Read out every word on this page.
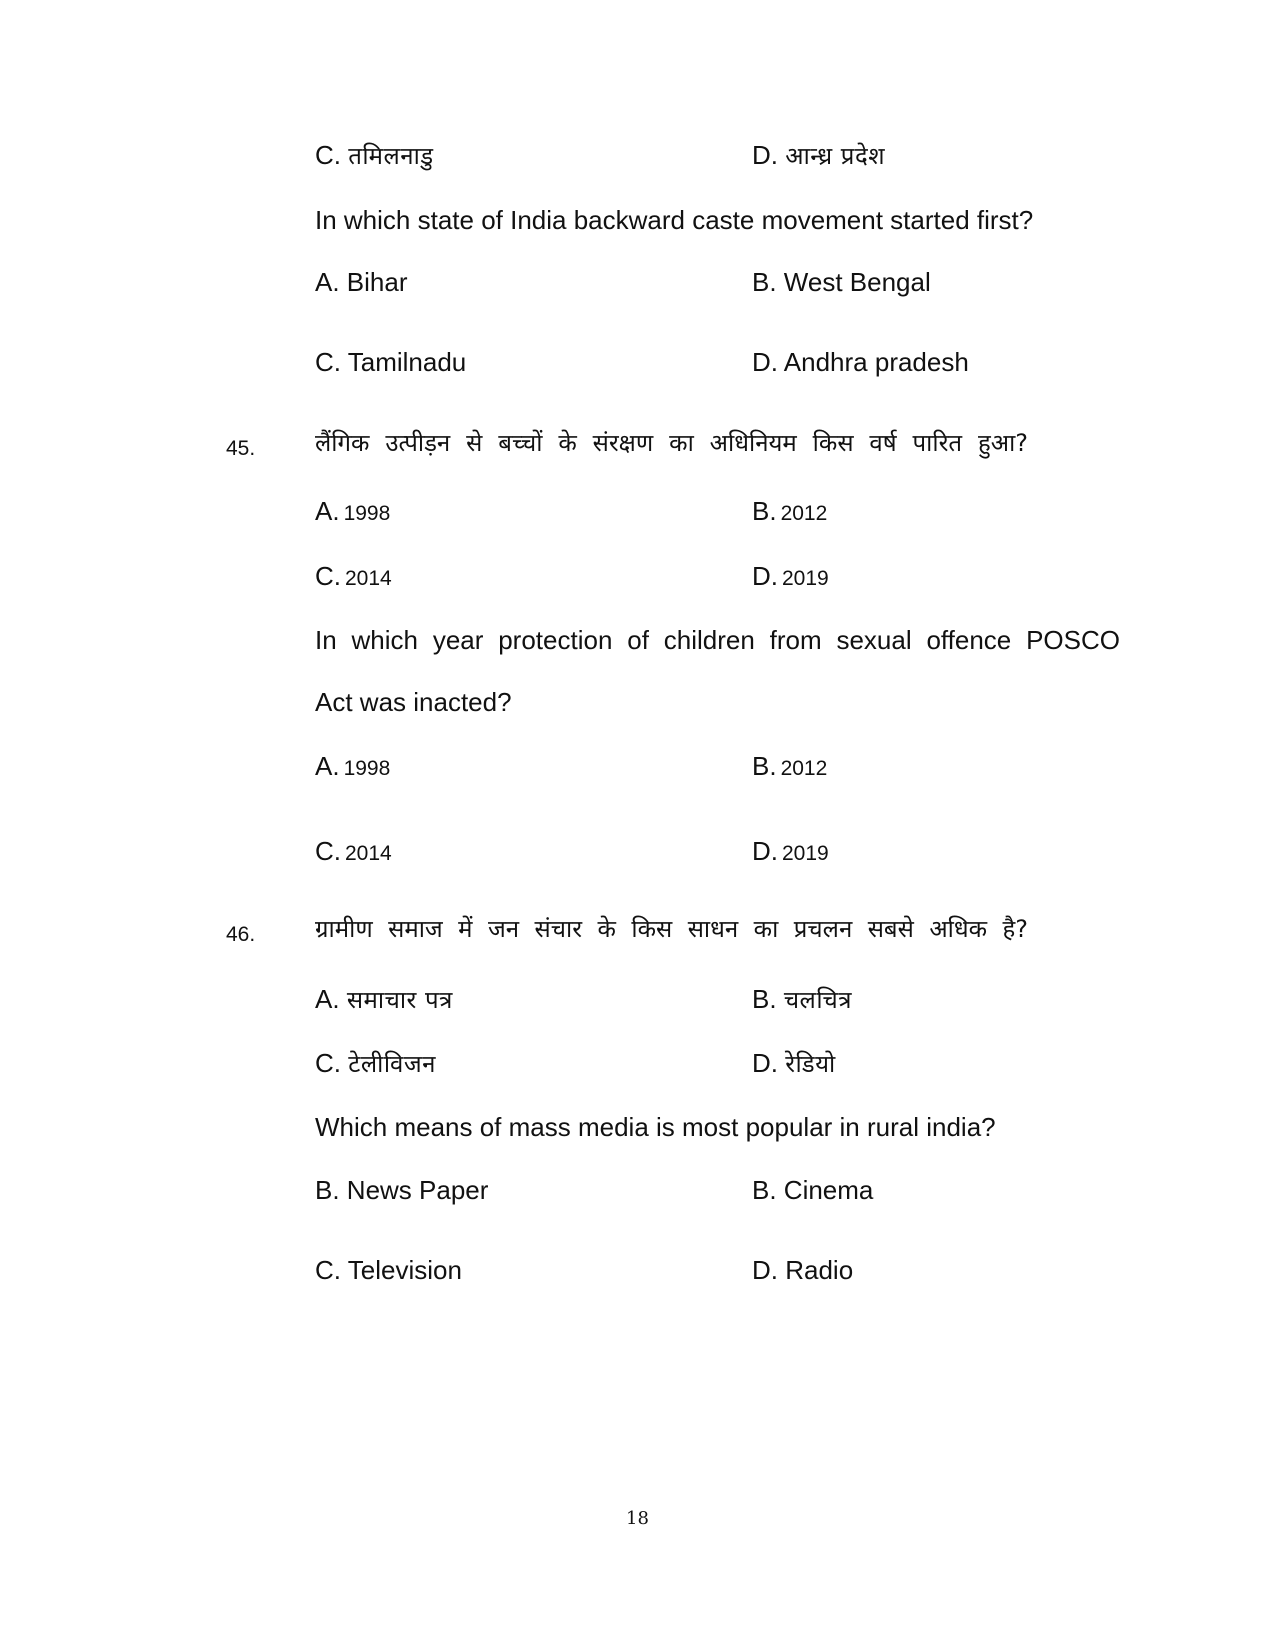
C. तमिलनाडु	D. आन्ध्र प्रदेश
In which state of India backward caste movement started first?
A. Bihar	B. West Bengal
C. Tamilnadu	D. Andhra pradesh
45. लैंगिक उत्पीड़न से बच्चों के संरक्षण का अधिनियम किस वर्ष पारित हुआ?
A. 1998	B. 2012
C. 2014	D. 2019
In which year protection of children from sexual offence POSCO
Act was inacted?
A. 1998	B. 2012
C. 2014	D. 2019
46. ग्रामीण समाज में जन संचार के किस साधन का प्रचलन सबसे अधिक है?
A. समाचार पत्र	B. चलचित्र
C. टेलीविजन	D. रेडियो
Which means of mass media is most popular in rural india?
B. News Paper	B. Cinema
C. Television	D. Radio
18
